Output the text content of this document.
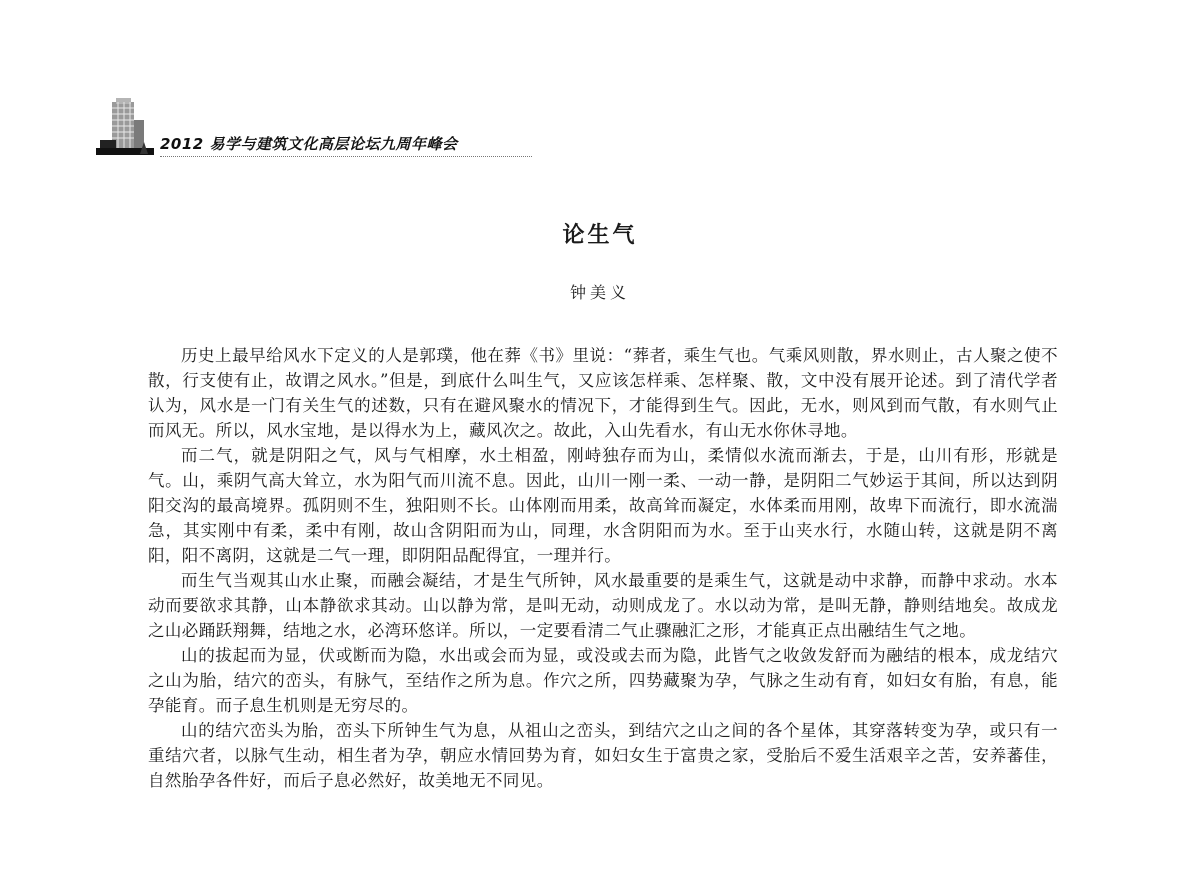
2012 易学与建筑文化高层论坛九周年峰会
论生气
钟美义

历史上最早给风水下定义的人是郭璞，他在葬《书》里说：“葬者，乘生气也。气乘风则散，界水则止，古人聚之使不散，行支使有止，故谓之风水。”但是，到底什么叫生气，又应该怎样乘、怎样聚、散，文中没有展开论述。到了清代学者认为，风水是一门有关生气的述数，只有在避风聚水的情况下，才能得到生气。因此，无水，则风到而气散，有水则气止而风无。所以，风水宝地，是以得水为上，藏风次之。故此，入山先看水，有山无水你休寻地。

而二气，就是阴阳之气，风与气相摩，水土相盈，刚峙独存而为山，柔情似水流而渐去，于是，山川有形，形就是气。山，乘阴气高大耸立，水为阳气而川流不息。因此，山川一刚一柔、一动一静，是阴阳二气妙运于其间，所以达到阴阳交沟的最高境界。孤阴则不生，独阳则不长。山体刚而用柔，故高耸而凝定，水体柔而用刚，故卑下而流行，即水流湍急，其实刚中有柔，柔中有刚，故山含阴阳而为山，同理，水含阴阳而为水。至于山夹水行，水随山转，这就是阴不离阳，阳不离阴，这就是二气一理，即阴阳品配得宜，一理并行。

而生气当观其山水止聚，而融会凝结，才是生气所钟，风水最重要的是乘生气，这就是动中求静，而静中求动。水本动而要欲求其静，山本静欲求其动。山以静为常，是叫无动，动则成龙了。水以动为常，是叫无静，静则结地矣。故成龙之山必踊跃翔舞，结地之水，必湾环悠详。所以，一定要看清二气止骤融汇之形，才能真正点出融结生气之地。

山的拔起而为显，伏或断而为隐，水出或会而为显，或没或去而为隐，此皆气之收敛发舒而为融结的根本，成龙结穴之山为胎，结穴的峦头，有脉气，至结作之所为息。作穴之所，四势藏聚为孕，气脉之生动有育，如妇女有胎，有息，能孕能育。而子息生机则是无穷尽的。

山的结穴峦头为胎，峦头下所钟生气为息，从祖山之峦头，到结穴之山之间的各个星体，其穿落转变为孕，或只有一重结穴者，以脉气生动，相生者为孕，朝应水情回势为育，如妇女生于富贵之家，受胎后不爱生活艰辛之苦，安养蕃佳，自然胎孕各件好，而后子息必然好，故美地无不同见。
